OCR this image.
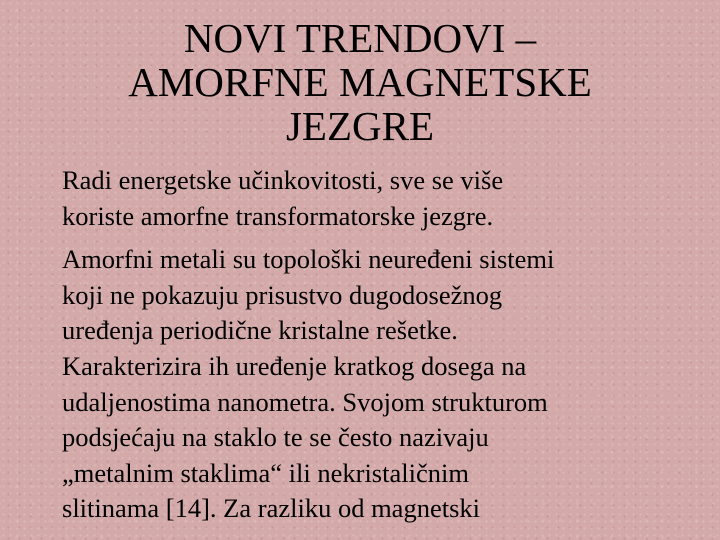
NOVI TRENDOVI –
AMORFNE MAGNETSKE
JEZGRE

Radi energetske učinkovitosti, sve se više
koriste amorfne transformatorske jezgre.

Amorfni metali su topološki neuređeni sistemi
koji ne pokazuju prisustvo dugodosežnog
uređenja periodične kristalne rešetke.
Karakterizira ih uređenje kratkog dosega na
udaljenostima nanometra. Svojom strukturom
podsjećaju na staklo te se često nazivaju
„metalnim staklima“ ili nekristaličnim
slitinama [14]. Za razliku od magnetski
